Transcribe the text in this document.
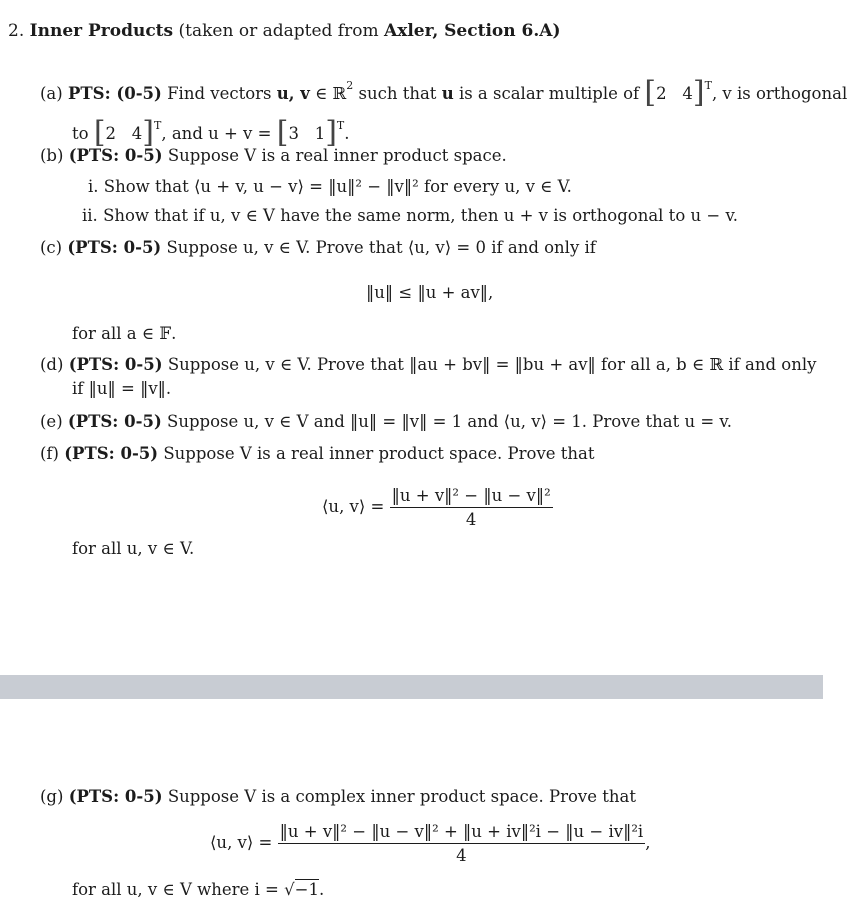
2. Inner Products (taken or adapted from Axler, Section 6.A)
(a) PTS: (0-5) Find vectors u, v ∈ ℝ$^2$ such that u is a scalar multiple of [2 4]$^T$, v is orthogonal
to [2 4]$^T$, and u + v = [3 1]$^T$.
(b) (PTS: 0-5) Suppose V is a real inner product space.
i. Show that ⟨u + v, u − v⟩ = ‖u‖² − ‖v‖² for every u, v ∈ V.
ii. Show that if u, v ∈ V have the same norm, then u + v is orthogonal to u − v.
(c) (PTS: 0-5) Suppose u, v ∈ V. Prove that ⟨u, v⟩ = 0 if and only if
‖u‖ ≤ ‖u + av‖,
for all a ∈ 𝔽.
(d) (PTS: 0-5) Suppose u, v ∈ V. Prove that ‖au + bv‖ = ‖bu + av‖ for all a, b ∈ ℝ if and only
if ‖u‖ = ‖v‖.
(e) (PTS: 0-5) Suppose u, v ∈ V and ‖u‖ = ‖v‖ = 1 and ⟨u, v⟩ = 1. Prove that u = v.
(f) (PTS: 0-5) Suppose V is a real inner product space. Prove that
⟨u, v⟩ = $\frac{\text{‖u + v‖² − ‖u − v‖²}}{4}$
for all u, v ∈ V.
(g) (PTS: 0-5) Suppose V is a complex inner product space. Prove that
⟨u, v⟩ = $\frac{\text{‖u + v‖² − ‖u − v‖² + ‖u + iv‖²i − ‖u − iv‖²i}}{4}$ ,
for all u, v ∈ V where i = √−1.
